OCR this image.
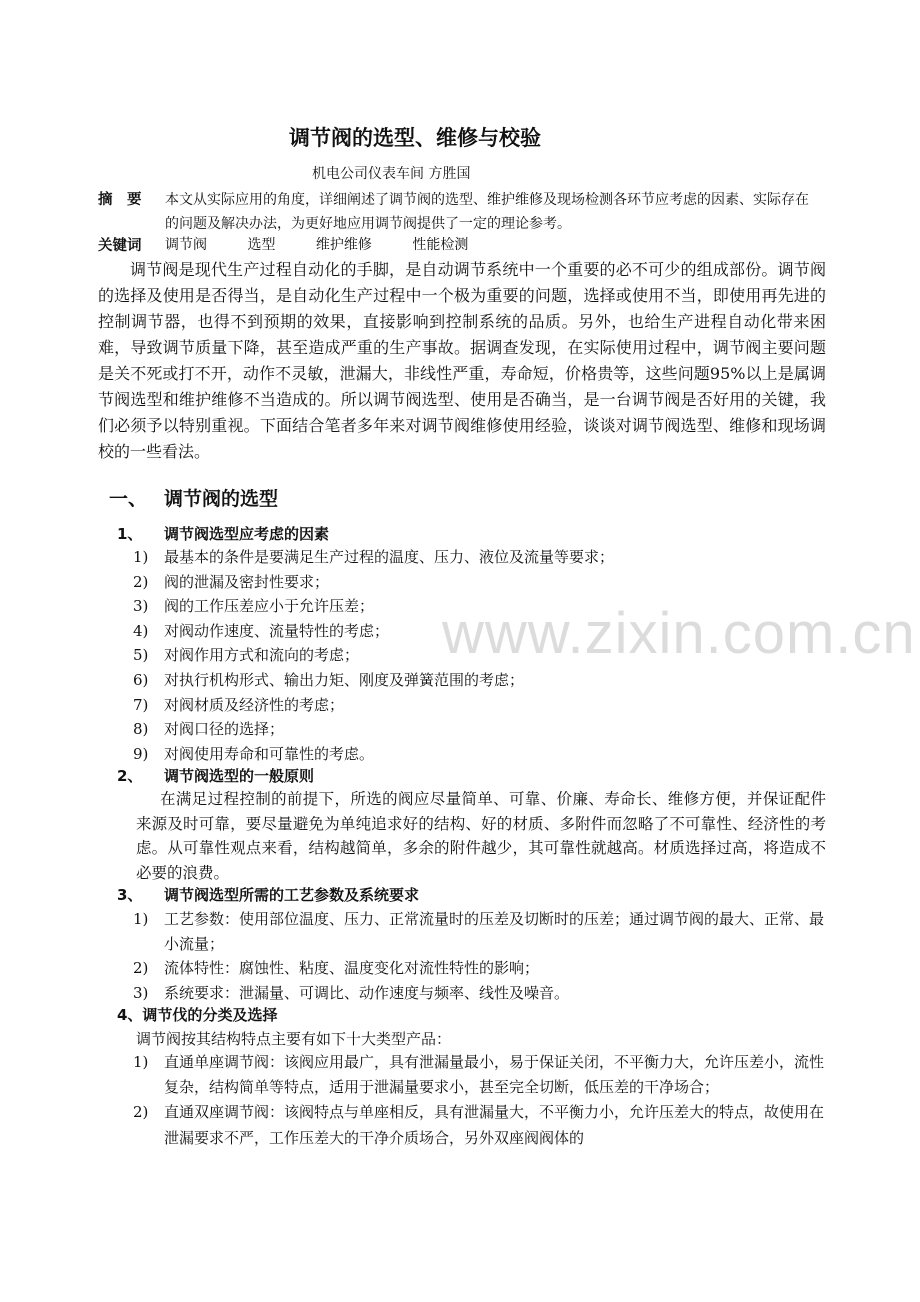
www.zixin.com.cn
调节阀的选型、维修与校验
机电公司仪表车间 方胜国
摘　要 本文从实际应用的角度，详细阐述了调节阀的选型、维护维修及现场检测各环节应考虑的因素、实际存在的问题及解决办法，为更好地应用调节阀提供了一定的理论参考。
关键词 调节阀	选型	维护维修	性能检测

调节阀是现代生产过程自动化的手脚，是自动调节系统中一个重要的必不可少的组成部份。调节阀的选择及使用是否得当，是自动化生产过程中一个极为重要的问题，选择或使用不当，即使用再先进的控制调节器，也得不到预期的效果，直接影响到控制系统的品质。另外，也给生产进程自动化带来困难，导致调节质量下降，甚至造成严重的生产事故。据调查发现，在实际使用过程中，调节阀主要问题是关不死或打不开，动作不灵敏，泄漏大，非线性严重，寿命短，价格贵等，这些问题95%以上是属调节阀选型和维护维修不当造成的。所以调节阀选型、使用是否确当，是一台调节阀是否好用的关键，我们必须予以特别重视。下面结合笔者多年来对调节阀维修使用经验，谈谈对调节阀选型、维修和现场调校的一些看法。

一、 调节阀的选型
1、 调节阀选型应考虑的因素
1) 最基本的条件是要满足生产过程的温度、压力、液位及流量等要求；
2) 阀的泄漏及密封性要求；
3) 阀的工作压差应小于允许压差；
4) 对阀动作速度、流量特性的考虑；
5) 对阀作用方式和流向的考虑；
6) 对执行机构形式、输出力矩、刚度及弹簧范围的考虑；
7) 对阀材质及经济性的考虑；
8) 对阀口径的选择；
9) 对阀使用寿命和可靠性的考虑。
2、 调节阀选型的一般原则

在满足过程控制的前提下，所选的阀应尽量简单、可靠、价廉、寿命长、维修方便，并保证配件来源及时可靠，要尽量避免为单纯追求好的结构、好的材质、多附件而忽略了不可靠性、经济性的考虑。从可靠性观点来看，结构越简单，多余的附件越少，其可靠性就越高。材质选择过高，将造成不必要的浪费。

3、 调节阀选型所需的工艺参数及系统要求
1) 工艺参数：使用部位温度、压力、正常流量时的压差及切断时的压差；通过调节阀的最大、正常、最小流量；
2) 流体特性：腐蚀性、粘度、温度变化对流性特性的影响；
3) 系统要求：泄漏量、可调比、动作速度与频率、线性及噪音。
4、调节伐的分类及选择
调节阀按其结构特点主要有如下十大类型产品：
1) 直通单座调节阀：该阀应用最广，具有泄漏量最小，易于保证关闭，不平衡力大，允许压差小，流性复杂，结构简单等特点，适用于泄漏量要求小，甚至完全切断，低压差的干净场合；
2) 直通双座调节阀：该阀特点与单座相反，具有泄漏量大，不平衡力小，允许压差大的特点，故使用在泄漏要求不严，工作压差大的干净介质场合，另外双座阀阀体的
